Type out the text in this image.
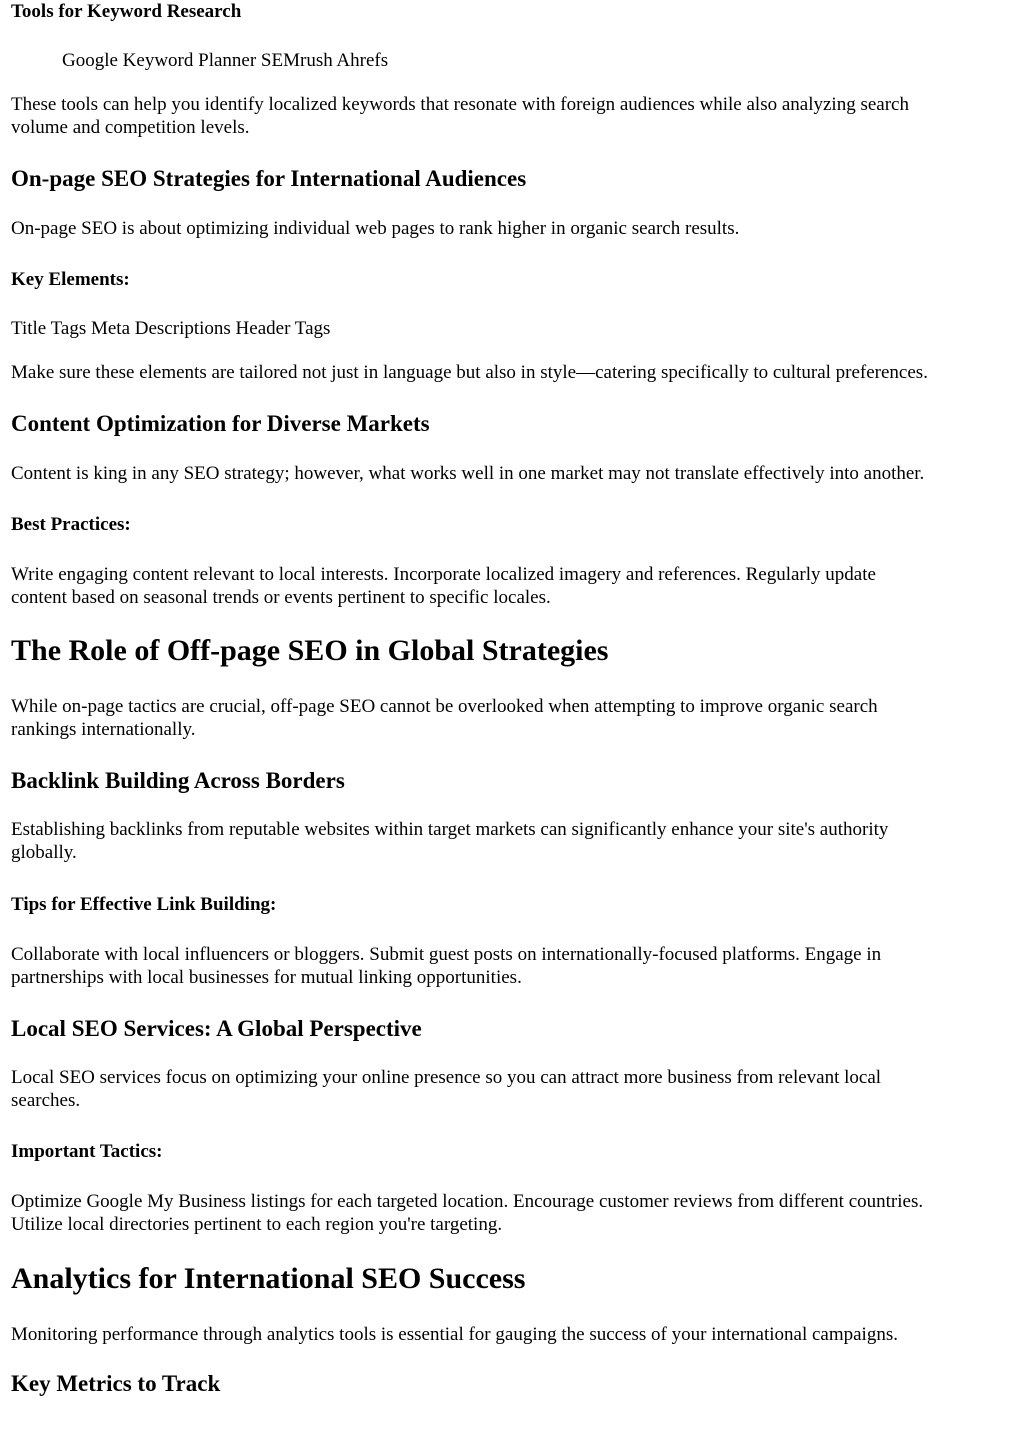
Tools for Keyword Research
Google Keyword Planner SEMrush Ahrefs
These tools can help you identify localized keywords that resonate with foreign audiences while also analyzing search
volume and competition levels.
On-page SEO Strategies for International Audiences
On-page SEO is about optimizing individual web pages to rank higher in organic search results.
Key Elements:
Title Tags Meta Descriptions Header Tags
Make sure these elements are tailored not just in language but also in style—catering specifically to cultural preferences.
Content Optimization for Diverse Markets
Content is king in any SEO strategy; however, what works well in one market may not translate effectively into another.
Best Practices:
Write engaging content relevant to local interests. Incorporate localized imagery and references. Regularly update
content based on seasonal trends or events pertinent to specific locales.
The Role of Off-page SEO in Global Strategies
While on-page tactics are crucial, off-page SEO cannot be overlooked when attempting to improve organic search
rankings internationally.
Backlink Building Across Borders
Establishing backlinks from reputable websites within target markets can significantly enhance your site's authority
globally.
Tips for Effective Link Building:
Collaborate with local influencers or bloggers. Submit guest posts on internationally-focused platforms. Engage in
partnerships with local businesses for mutual linking opportunities.
Local SEO Services: A Global Perspective
Local SEO services focus on optimizing your online presence so you can attract more business from relevant local
searches.
Important Tactics:
Optimize Google My Business listings for each targeted location. Encourage customer reviews from different countries.
Utilize local directories pertinent to each region you're targeting.
Analytics for International SEO Success
Monitoring performance through analytics tools is essential for gauging the success of your international campaigns.
Key Metrics to Track
